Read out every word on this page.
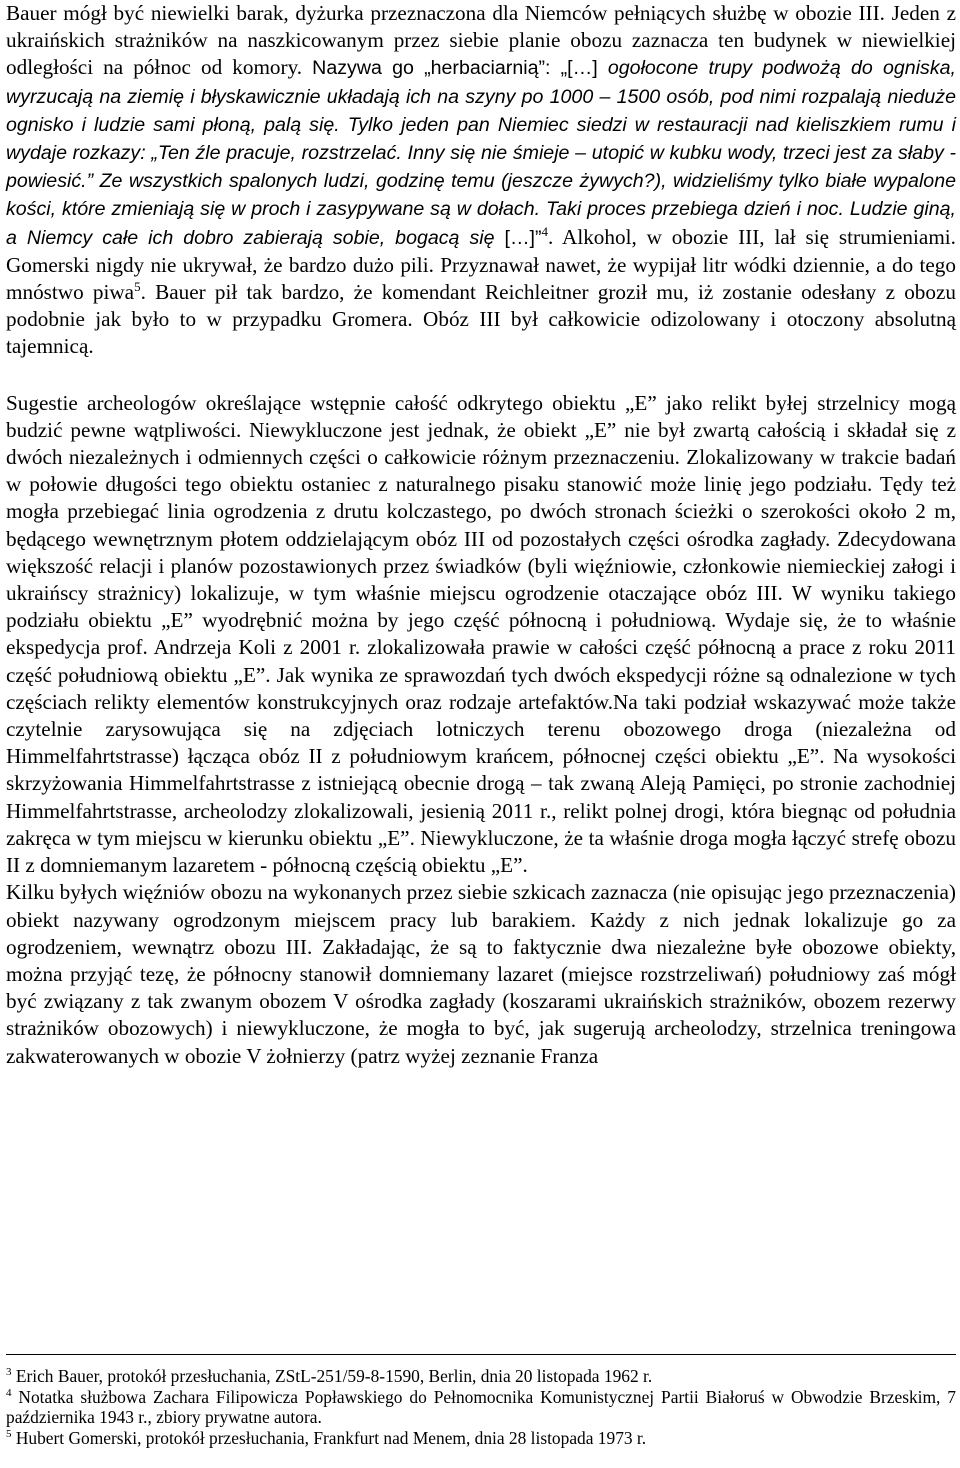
Bauer mógł być niewielki barak, dyżurka przeznaczona dla Niemców pełniących służbę w obozie III. Jeden z ukraińskich strażników na naszkicowanym przez siebie planie obozu zaznacza ten budynek w niewielkiej odległości na północ od komory. Nazywa go „herbaciarnią”: „[…] ogołocone trupy podwożą do ogniska, wyrzucają na ziemię i błyskawicznie układają ich na szyny po 1000 – 1500 osób, pod nimi rozpalają nieduże ognisko i ludzie sami płoną, palą się. Tylko jeden pan Niemiec siedzi w restauracji nad kieliszkiem rumu i wydaje rozkazy: „Ten źle pracuje, rozstrzelać. Inny się nie śmieje – utopić w kubku wody, trzeci jest za słaby - powiesić.” Ze wszystkich spalonych ludzi, godzinę temu (jeszcze żywych?), widzieliśmy tylko białe wypalone kości, które zmieniają się w proch i zasypywane są w dołach. Taki proces przebiega dzień i noc. Ludzie giną, a Niemcy całe ich dobro zabierają sobie, bogacą się […]”$^4$. Alkohol, w obozie III, lał się strumieniami. Gomerski nigdy nie ukrywał, że bardzo dużo pili. Przyznawał nawet, że wypijał litr wódki dziennie, a do tego mnóstwo piwa$^5$. Bauer pił tak bardzo, że komendant Reichleitner groził mu, iż zostanie odesłany z obozu podobnie jak było to w przypadku Gromera. Obóz III był całkowicie odizolowany i otoczony absolutną tajemnicą.

Sugestie archeologów określające wstępnie całość odkrytego obiektu „E” jako relikt byłej strzelnicy mogą budzić pewne wątpliwości. Niewykluczone jest jednak, że obiekt „E” nie był zwartą całością i składał się z dwóch niezależnych i odmiennych części o całkowicie różnym przeznaczeniu. Zlokalizowany w trakcie badań w połowie długości tego obiektu ostaniec z naturalnego pisaku stanowić może linię jego podziału. Tędy też mogła przebiegać linia ogrodzenia z drutu kolczastego, po dwóch stronach ścieżki o szerokości około 2 m, będącego wewnętrznym płotem oddzielającym obóz III od pozostałych części ośrodka zagłady. Zdecydowana większość relacji i planów pozostawionych przez świadków (byli więźniowie, członkowie niemieckiej załogi i ukraińscy strażnicy) lokalizuje, w tym właśnie miejscu ogrodzenie otaczające obóz III. W wyniku takiego podziału obiektu „E” wyodrębnić można by jego część północną i południową. Wydaje się, że to właśnie ekspedycja prof. Andrzeja Koli z 2001 r. zlokalizowała prawie w całości część północną a prace z roku 2011 część południową obiektu „E”. Jak wynika ze sprawozdań tych dwóch ekspedycji różne są odnalezione w tych częściach relikty elementów konstrukcyjnych oraz rodzaje artefaktów.Na taki podział wskazywać może także czytelnie zarysowująca się na zdjęciach lotniczych terenu obozowego droga (niezależna od Himmelfahrtstrasse) łącząca obóz II z południowym krańcem, północnej części obiektu „E”. Na wysokości skrzyżowania Himmelfahrtstrasse z istniejącą obecnie drogą – tak zwaną Aleją Pamięci, po stronie zachodniej Himmelfahrtstrasse, archeolodzy zlokalizowali, jesienią 2011 r., relikt polnej drogi, która biegnąc od południa zakręca w tym miejscu w kierunku obiektu „E”. Niewykluczone, że ta właśnie droga mogła łączyć strefę obozu II z domniemanym lazaretem - północną częścią obiektu „E”.

Kilku byłych więźniów obozu na wykonanych przez siebie szkicach zaznacza (nie opisując jego przeznaczenia) obiekt nazywany ogrodzonym miejscem pracy lub barakiem. Każdy z nich jednak lokalizuje go za ogrodzeniem, wewnątrz obozu III. Zakładając, że są to faktycznie dwa niezależne byłe obozowe obiekty, można przyjąć tezę, że północny stanowił domniemany lazaret (miejsce rozstrzeliwań) południowy zaś mógł być związany z tak zwanym obozem V ośrodka zagłady (koszarami ukraińskich strażników, obozem rezerwy strażników obozowych) i niewykluczone, że mogła to być, jak sugerują archeolodzy, strzelnica treningowa zakwaterowanych w obozie V żołnierzy (patrz wyżej zeznanie Franza

$^3$ Erich Bauer, protokół przesłuchania, ZStL-251/59-8-1590, Berlin, dnia 20 listopada 1962 r.

$^4$ Notatka służbowa Zachara Filipowicza Popławskiego do Pełnomocnika Komunistycznej Partii Białoruś w Obwodzie Brzeskim, 7 października 1943 r., zbiory prywatne autora.

$^5$ Hubert Gomerski, protokół przesłuchania, Frankfurt nad Menem, dnia 28 listopada 1973 r.
